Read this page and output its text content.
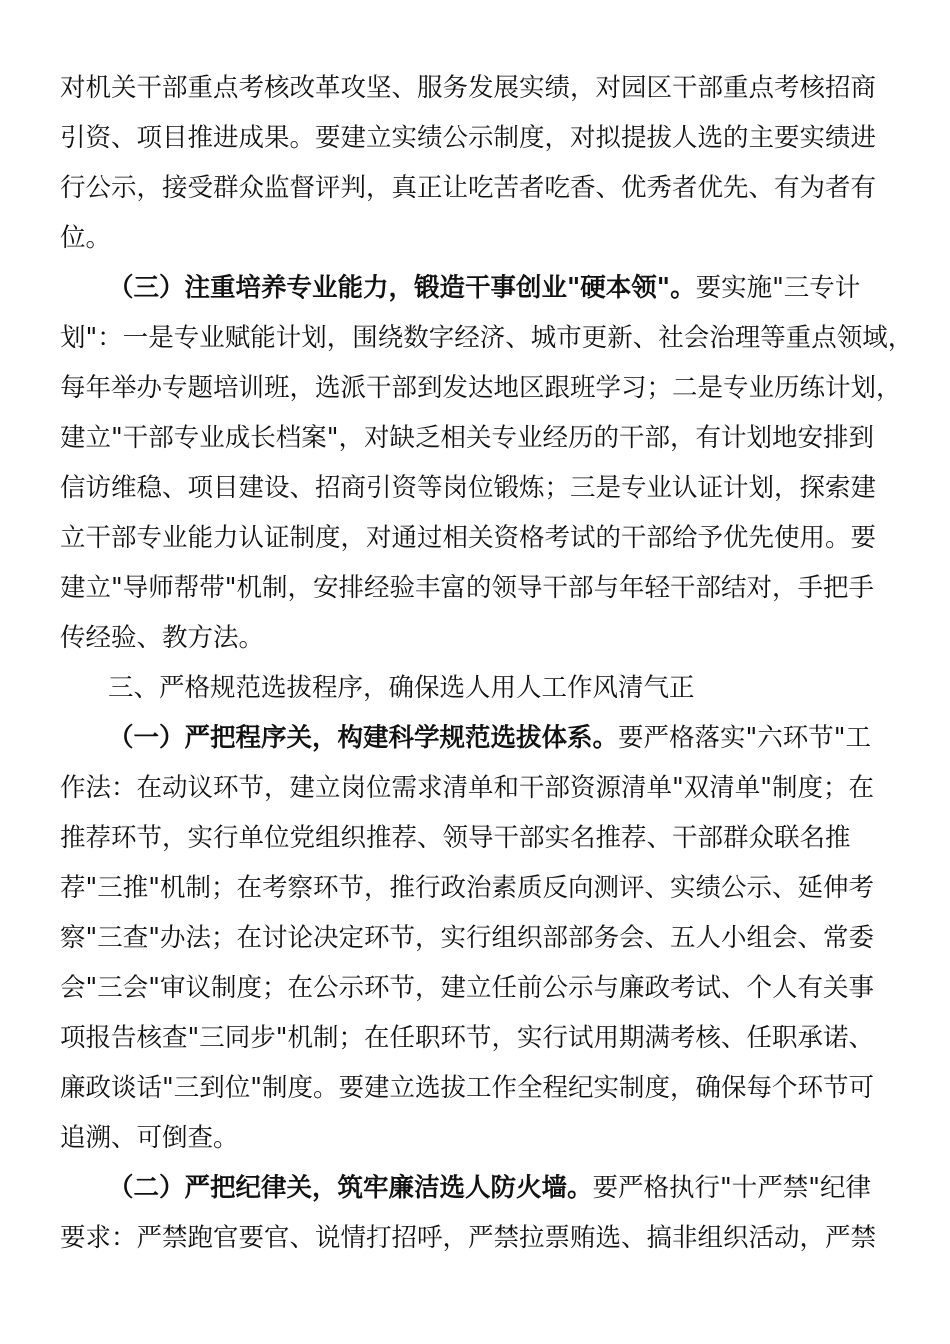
对机关干部重点考核改革攻坚、服务发展实绩，对园区干部重点考核招商
引资、项目推进成果。要建立实绩公示制度，对拟提拔人选的主要实绩进
行公示，接受群众监督评判，真正让吃苦者吃香、优秀者优先、有为者有
位。
（三）注重培养专业能力，锻造干事创业"硬本领"。要实施"三专计
划"：一是专业赋能计划，围绕数字经济、城市更新、社会治理等重点领域，
每年举办专题培训班，选派干部到发达地区跟班学习；二是专业历练计划，
建立"干部专业成长档案"，对缺乏相关专业经历的干部，有计划地安排到
信访维稳、项目建设、招商引资等岗位锻炼；三是专业认证计划，探索建
立干部专业能力认证制度，对通过相关资格考试的干部给予优先使用。要
建立"导师帮带"机制，安排经验丰富的领导干部与年轻干部结对，手把手
传经验、教方法。
三、严格规范选拔程序，确保选人用人工作风清气正
（一）严把程序关，构建科学规范选拔体系。要严格落实"六环节"工
作法：在动议环节，建立岗位需求清单和干部资源清单"双清单"制度；在
推荐环节，实行单位党组织推荐、领导干部实名推荐、干部群众联名推
荐"三推"机制；在考察环节，推行政治素质反向测评、实绩公示、延伸考
察"三查"办法；在讨论决定环节，实行组织部部务会、五人小组会、常委
会"三会"审议制度；在公示环节，建立任前公示与廉政考试、个人有关事
项报告核查"三同步"机制；在任职环节，实行试用期满考核、任职承诺、
廉政谈话"三到位"制度。要建立选拔工作全程纪实制度，确保每个环节可
追溯、可倒查。
（二）严把纪律关，筑牢廉洁选人防火墙。要严格执行"十严禁"纪律
要求：严禁跑官要官、说情打招呼，严禁拉票贿选、搞非组织活动，严禁
